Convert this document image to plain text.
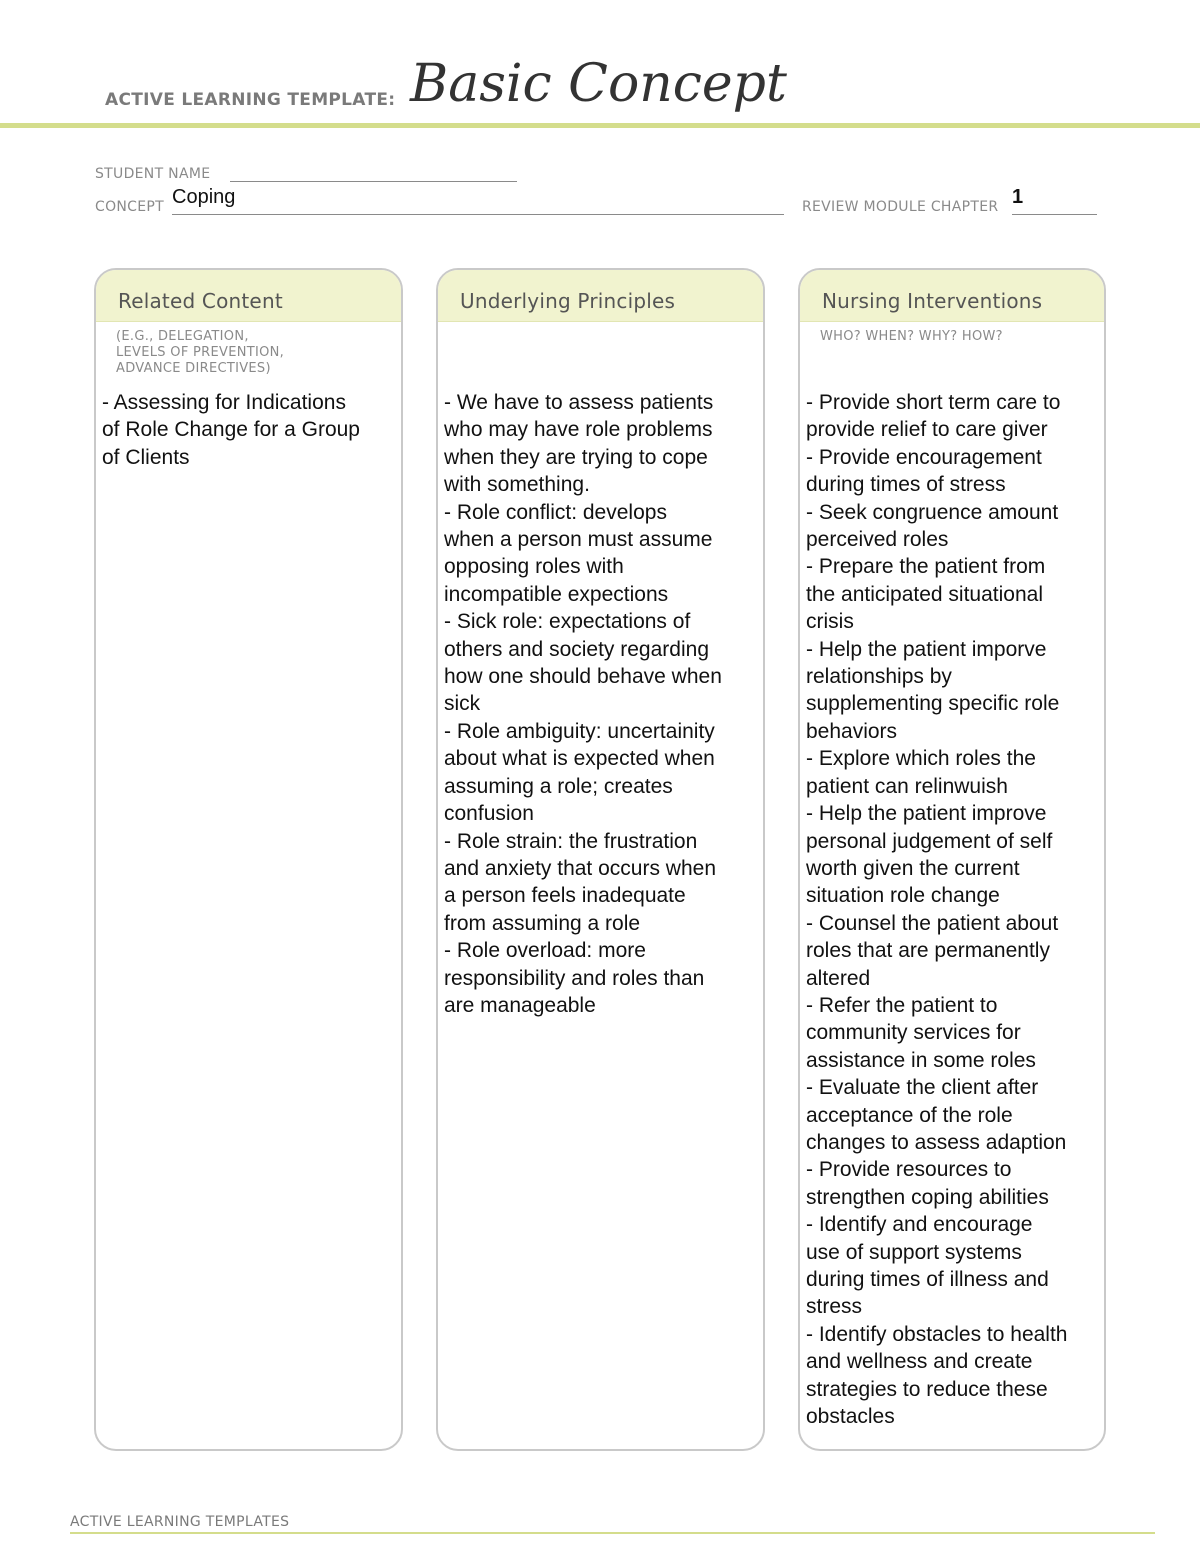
ACTIVE LEARNING TEMPLATE: Basic Concept
STUDENT NAME
CONCEPT Coping	REVIEW MODULE CHAPTER 1
Related Content
(E.G., DELEGATION,
LEVELS OF PREVENTION,
ADVANCE DIRECTIVES)
- Assessing for Indications
of Role Change for a Group
of Clients
Underlying Principles
- We have to assess patients
who may have role problems
when they are trying to cope
with something.
- Role conflict: develops
when a person must assume
opposing roles with
incompatible expections
- Sick role: expectations of
others and society regarding
how one should behave when
sick
- Role ambiguity: uncertainity
about what is expected when
assuming a role; creates
confusion
- Role strain: the frustration
and anxiety that occurs when
a person feels inadequate
from assuming a role
- Role overload: more
responsibility and roles than
are manageable
Nursing Interventions
WHO? WHEN? WHY? HOW?
- Provide short term care to
provide relief to care giver
- Provide encouragement
during times of stress
- Seek congruence amount
perceived roles
- Prepare the patient from
the anticipated situational
crisis
- Help the patient imporve
relationships by
supplementing specific role
behaviors
- Explore which roles the
patient can relinwuish
- Help the patient improve
personal judgement of self
worth given the current
situation role change
- Counsel the patient about
roles that are permanently
altered
- Refer the patient to
community services for
assistance in some roles
- Evaluate the client after
acceptance of the role
changes to assess adaption
- Provide resources to
strengthen coping abilities
- Identify and encourage
use of support systems
during times of illness and
stress
- Identify obstacles to health
and wellness and create
strategies to reduce these
obstacles
ACTIVE LEARNING TEMPLATES
